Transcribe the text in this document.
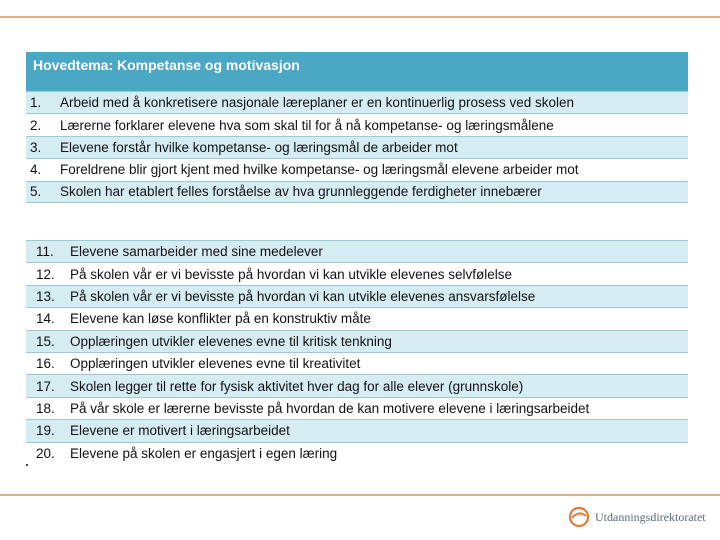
Hovedtema: Kompetanse og motivasjon
1.	Arbeid med å konkretisere nasjonale læreplaner er en kontinuerlig prosess ved skolen
2.	Lærerne forklarer elevene hva som skal til for å nå kompetanse- og læringsmålene
3.	Elevene forstår hvilke kompetanse- og læringsmål de arbeider mot
4.	Foreldrene blir gjort kjent med hvilke kompetanse- og læringsmål elevene arbeider mot
5.	Skolen har etablert felles forståelse av hva grunnleggende ferdigheter innebærer
11.	Elevene samarbeider med sine medelever
12.	På skolen vår er vi bevisste på hvordan vi kan utvikle elevenes selvfølelse
13.	På skolen vår er vi bevisste på hvordan vi kan utvikle elevenes ansvarsfølelse
14.	Elevene kan løse konflikter på en konstruktiv måte
15.	Opplæringen utvikler elevenes evne til kritisk tenkning
16.	Opplæringen utvikler elevenes evne til kreativitet
17.	Skolen legger til rette for fysisk aktivitet hver dag for alle elever (grunnskole)
18.	På vår skole er lærerne bevisste på hvordan de kan motivere elevene i læringsarbeidet
19.	Elevene er motivert i læringsarbeidet
20.	Elevene på skolen er engasjert i egen læring
Utdanningsdirektoratet
